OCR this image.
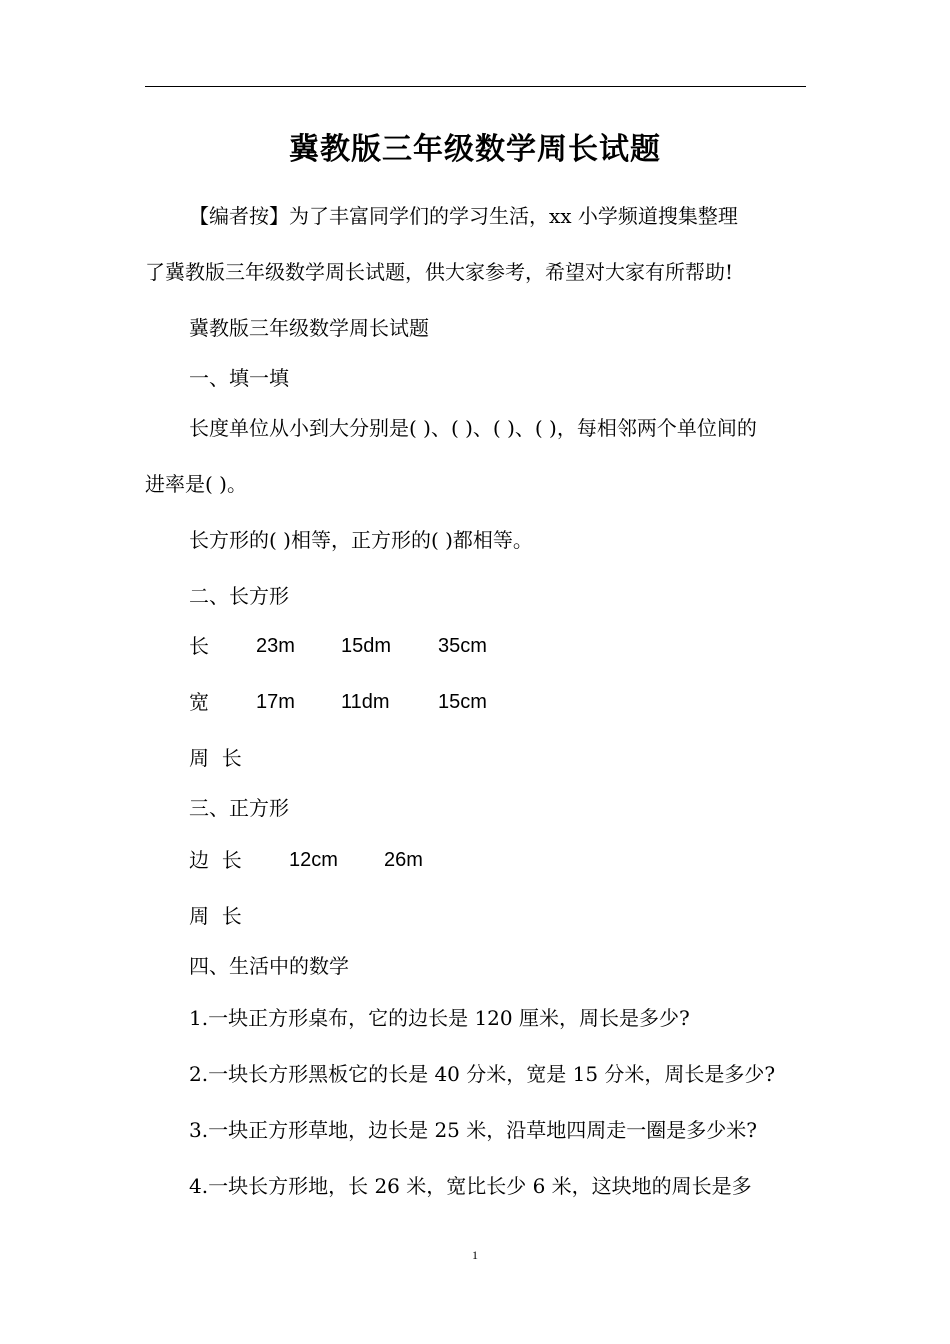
冀教版三年级数学周长试题
【编者按】为了丰富同学们的学习生活，xx 小学频道搜集整理
了冀教版三年级数学周长试题，供大家参考，希望对大家有所帮助!
冀教版三年级数学周长试题
一、填一填
长度单位从小到大分别是( )、( )、( )、( )，每相邻两个单位间的
进率是( )。
长方形的( )相等，正方形的( )都相等。
二、长方形
长 23m 15dm 35cm
宽 17m 11dm 15cm
周  长
三、正方形
边  长 12cm 26m
周  长
四、生活中的数学
1.一块正方形桌布，它的边长是 120 厘米，周长是多少?
2.一块长方形黑板它的长是 40 分米，宽是 15 分米，周长是多少?
3.一块正方形草地，边长是 25 米，沿草地四周走一圈是多少米?
4.一块长方形地，长 26 米，宽比长少 6 米，这块地的周长是多
1
